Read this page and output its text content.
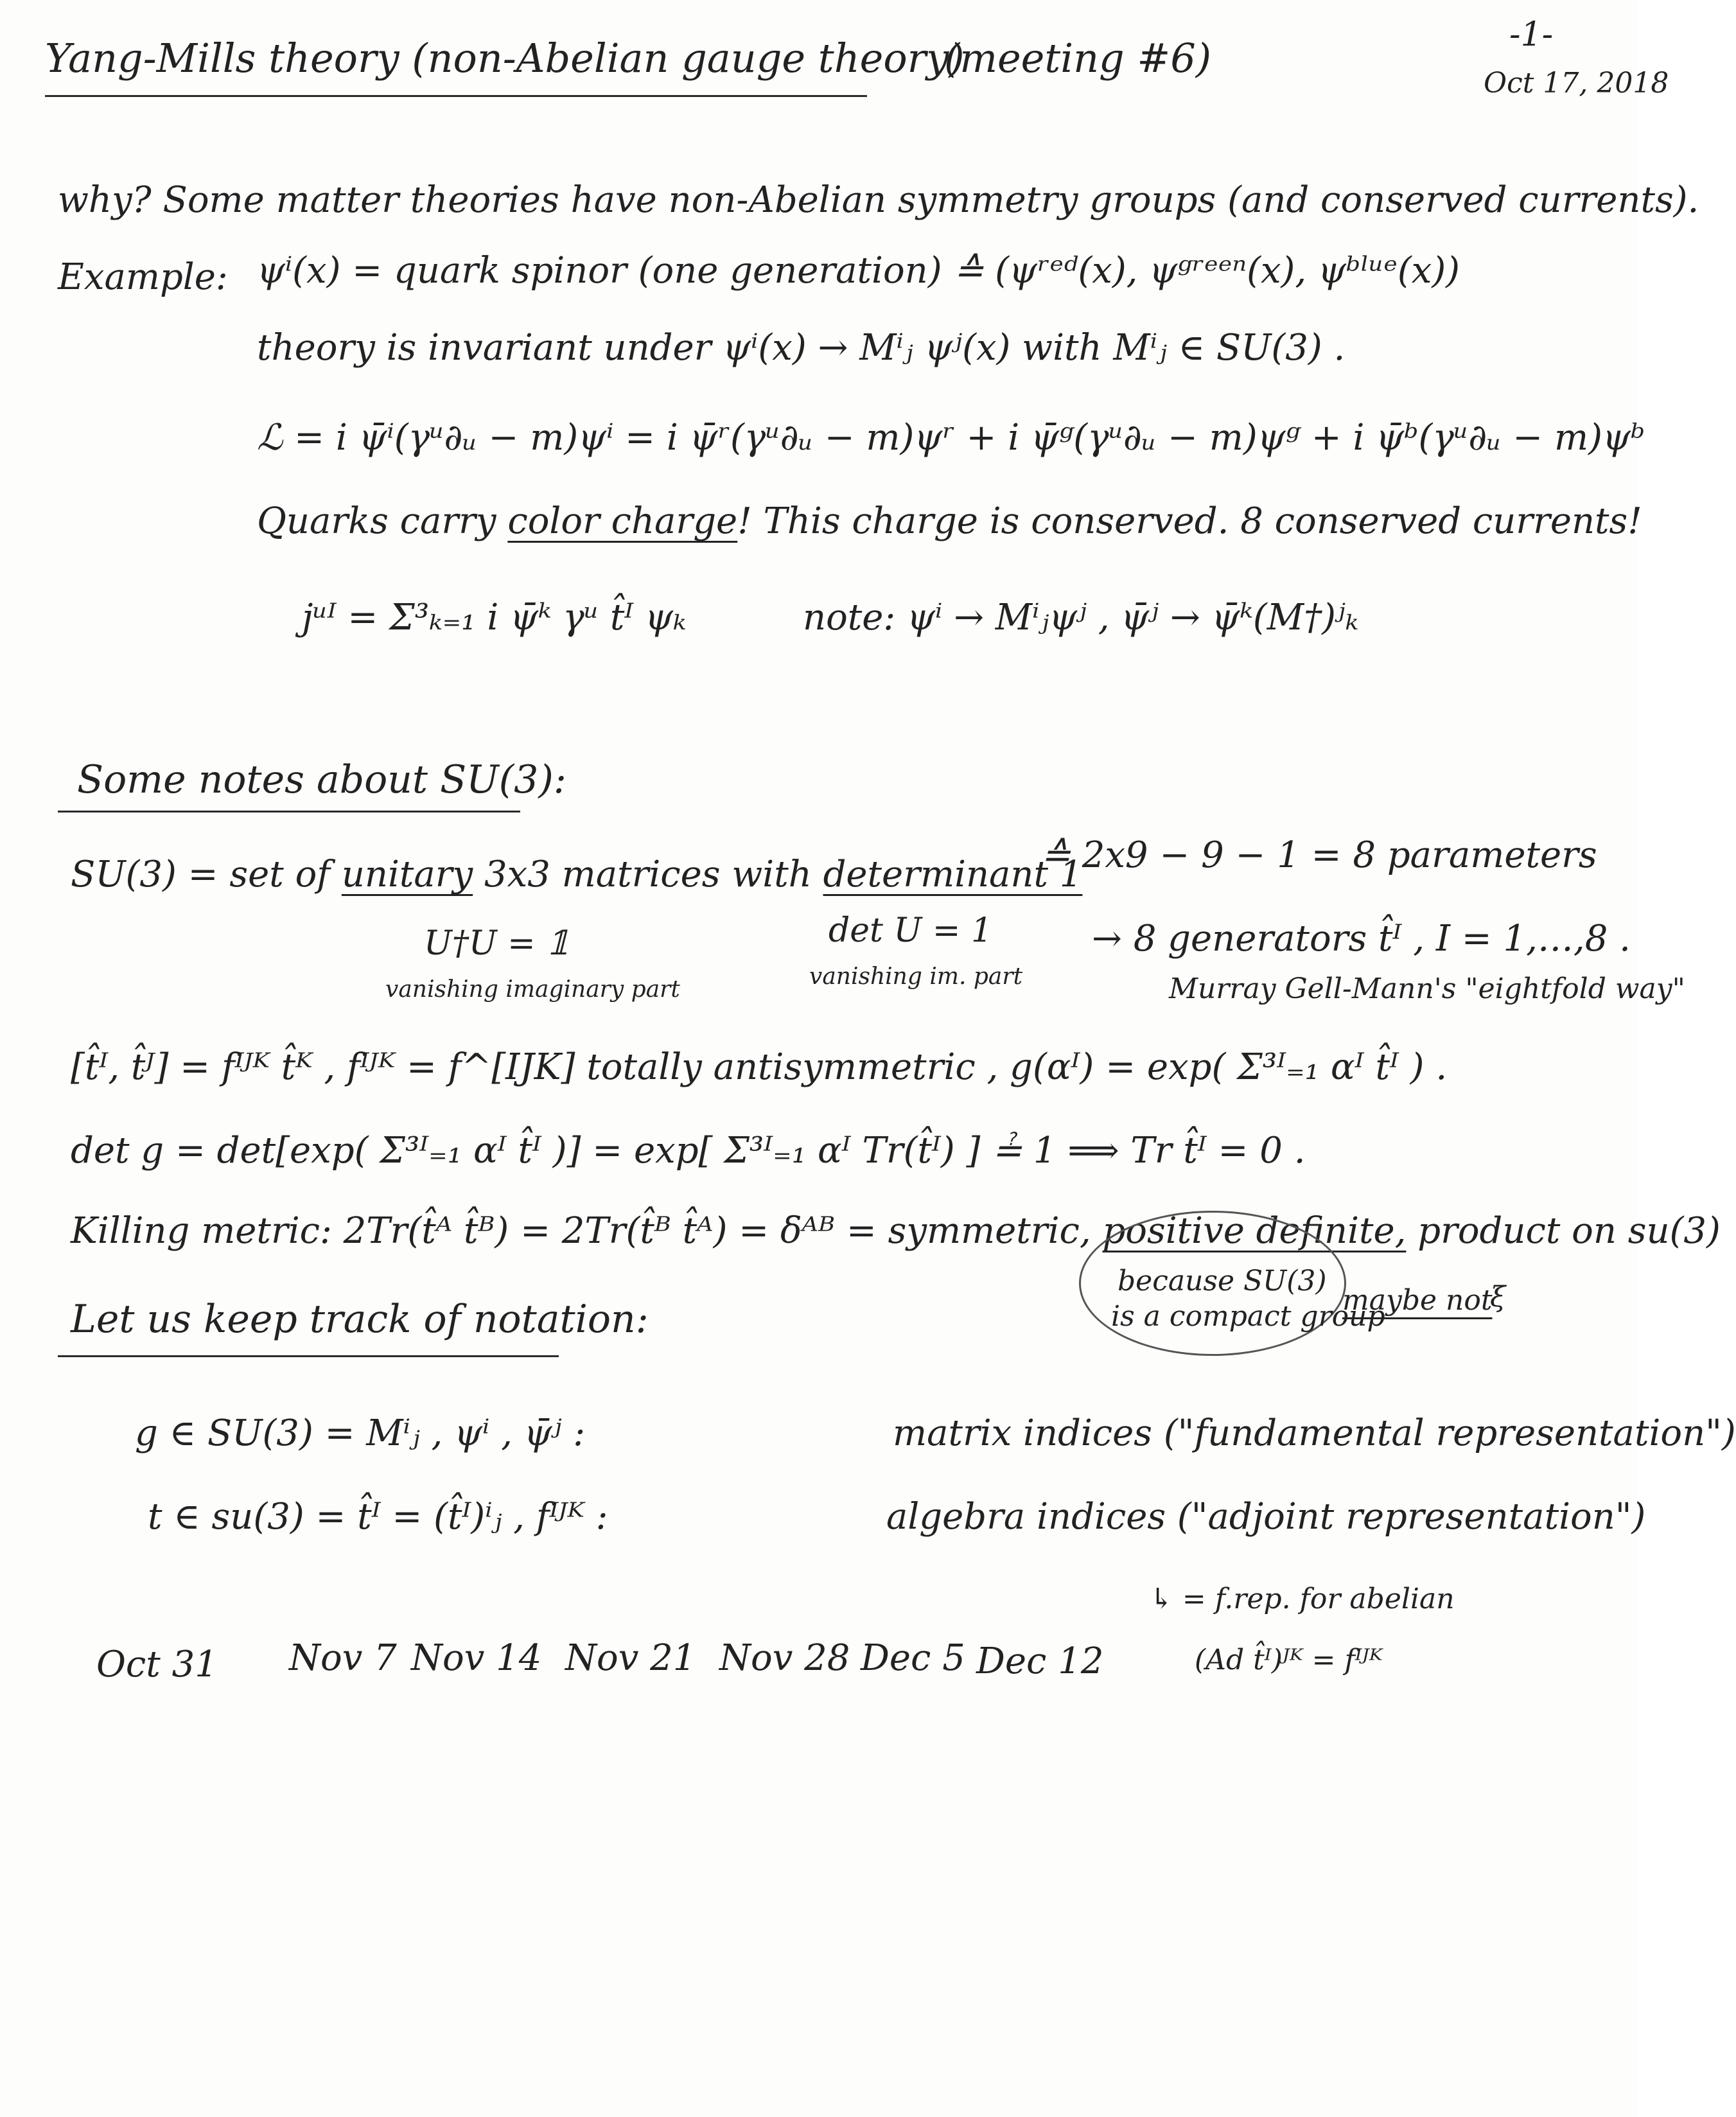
Yang-Mills theory (non-Abelian gauge theory)
(meeting #6)	-1-
Oct 17, 2018
why? Some matter theories have non-Abelian symmetry groups (and conserved currents).
Example: ψⁱ(x) = quark spinor (one generation) ≙ (ψʳᵉᵈ(x), ψᵍʳᵉᵉⁿ(x), ψᵇˡᵘᵉ(x))
theory is invariant under ψⁱ(x) → Mⁱⱼ ψʲ(x) with Mⁱⱼ ∈ SU(3) .
ℒ = i ψ̄ⁱ(γᵘ∂ᵤ − m)ψⁱ = i ψ̄ʳ(γᵘ∂ᵤ − m)ψʳ + i ψ̄ᵍ(γᵘ∂ᵤ − m)ψᵍ + i ψ̄ᵇ(γᵘ∂ᵤ − m)ψᵇ
Quarks carry color charge! This charge is conserved. 8 conserved currents!
jᵘᴵ = Σ³ₖ₌₁ i ψ̄ᵏ γᵘ t̂ᴵ ψₖ	note: ψⁱ → Mⁱⱼψʲ , ψ̄ʲ → ψ̄ᵏ(M†)ʲₖ
Some notes about SU(3):
SU(3) = set of unitary 3x3 matrices with determinant 1
≙ 2x9 − 9 − 1 = 8 parameters
U†U = 𝟙
vanishing imaginary part
det U = 1
vanishing im. part
→ 8 generators t̂ᴵ , I = 1,…,8 .
Murray Gell-Mann's "eightfold way"
[t̂ᴵ, t̂ᴶ] = fᴵᴶᴷ t̂ᴷ , fᴵᴶᴷ = f^[IJK] totally antisymmetric , g(αᴵ) = exp( Σ³ᴵ₌₁ αᴵ t̂ᴵ ) .
det g = det[exp( Σ³ᴵ₌₁ αᴵ t̂ᴵ )] = exp[ Σ³ᴵ₌₁ αᴵ Tr(t̂ᴵ) ] ≟ 1 ⟹ Tr t̂ᴵ = 0 .
Killing metric: 2Tr(t̂ᴬ t̂ᴮ) = 2Tr(t̂ᴮ t̂ᴬ) = δᴬᴮ = symmetric, positive definite, product on su(3)
because SU(3)
is a compact group
maybe not
ξ
Let us keep track of notation:
g ∈ SU(3) = Mⁱⱼ , ψⁱ , ψ̄ʲ :	matrix indices ("fundamental representation")
t ∈ su(3) = t̂ᴵ = (t̂ᴵ)ⁱⱼ , fᴵᴶᴷ :	algebra indices ("adjoint representation")
↳ = f.rep. for abelian
(Ad t̂ᴵ)ᴶᴷ = fᴵᴶᴷ
Oct 31 Nov 7 Nov 14 Nov 21 Nov 28 Dec 5 Dec 12
